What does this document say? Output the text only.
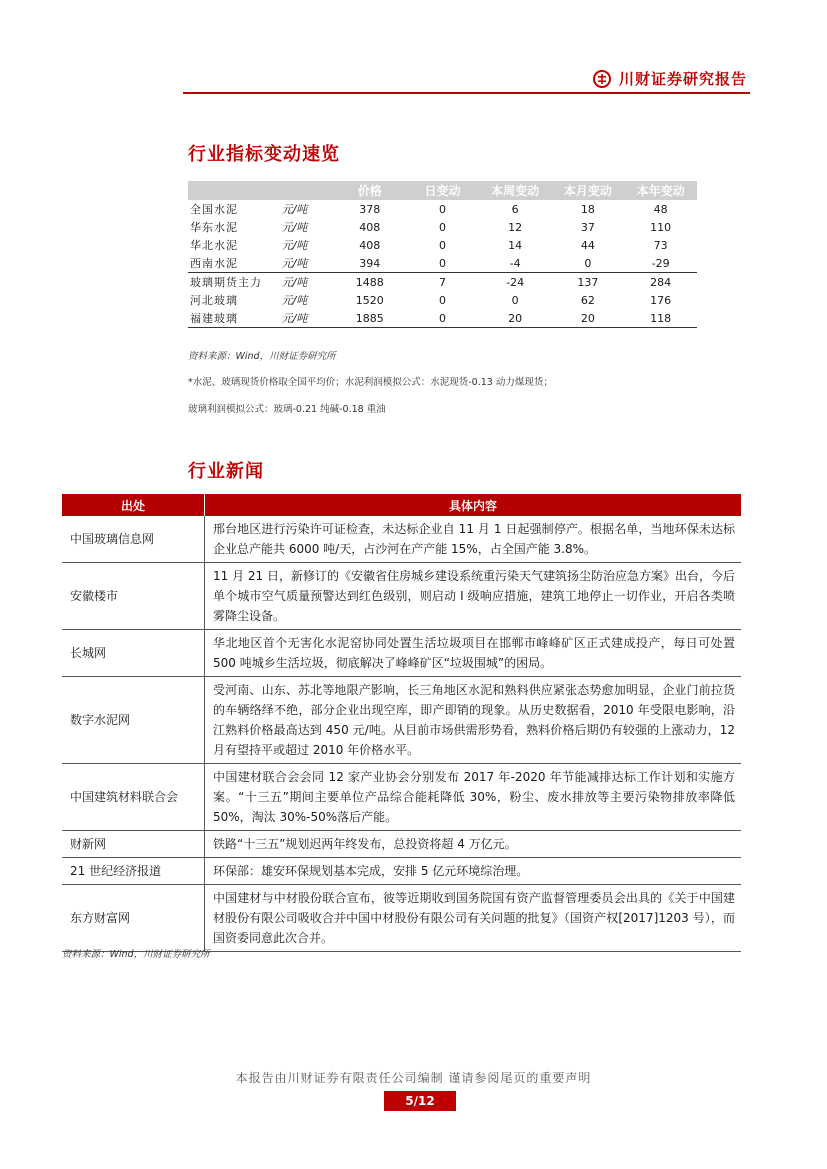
川财证券研究报告
行业指标变动速览
		价格	日变动	本周变动	本月变动	本年变动
全国水泥	元/吨	378	0	6	18	48
华东水泥	元/吨	408	0	12	37	110
华北水泥	元/吨	408	0	14	44	73
西南水泥	元/吨	394	0	-4	0	-29
玻璃期货主力	元/吨	1488	7	-24	137	284
河北玻璃	元/吨	1520	0	0	62	176
福建玻璃	元/吨	1885	0	20	20	118
资料来源：Wind，川财证券研究所
*水泥、玻璃现货价格取全国平均价；水泥利润模拟公式：水泥现货-0.13 动力煤现货；
玻璃利润模拟公式：玻璃-0.21 纯碱-0.18 重油
行业新闻
出处	具体内容
中国玻璃信息网	邢台地区进行污染许可证检查，未达标企业自 11 月 1 日起强制停产。根据名单，当地环保未达标企业总产能共 6000 吨/天，占沙河在产产能 15%，占全国产能 3.8%。
安徽楼市	11 月 21 日，新修订的《安徽省住房城乡建设系统重污染天气建筑扬尘防治应急方案》出台，今后单个城市空气质量预警达到红色级别，则启动 I 级响应措施，建筑工地停止一切作业，开启各类喷雾降尘设备。
长城网	华北地区首个无害化水泥窑协同处置生活垃圾项目在邯郸市峰峰矿区正式建成投产，每日可处置 500 吨城乡生活垃圾，彻底解决了峰峰矿区“垃圾围城”的困局。
数字水泥网	受河南、山东、苏北等地限产影响，长三角地区水泥和熟料供应紧张态势愈加明显，企业门前拉货的车辆络绎不绝，部分企业出现空库，即产即销的现象。从历史数据看，2010 年受限电影响，沿江熟料价格最高达到 450 元/吨。从目前市场供需形势看，熟料价格后期仍有较强的上涨动力，12 月有望持平或超过 2010 年价格水平。
中国建筑材料联合会	中国建材联合会会同 12 家产业协会分别发布 2017 年-2020 年节能减排达标工作计划和实施方案。“十三五”期间主要单位产品综合能耗降低 30%，粉尘、废水排放等主要污染物排放率降低 50%，淘汰 30%-50%落后产能。
财新网	铁路“十三五”规划迟两年终发布，总投资将超 4 万亿元。
21 世纪经济报道	环保部：雄安环保规划基本完成，安排 5 亿元环境综治理。
东方财富网	中国建材与中材股份联合宣布，彼等近期收到国务院国有资产监督管理委员会出具的《关于中国建材股份有限公司吸收合并中国中材股份有限公司有关问题的批复》（国资产权[2017]1203 号），而国资委同意此次合并。
资料来源：Wind，川财证券研究所
本报告由川财证券有限责任公司编制 谨请参阅尾页的重要声明
5/12
